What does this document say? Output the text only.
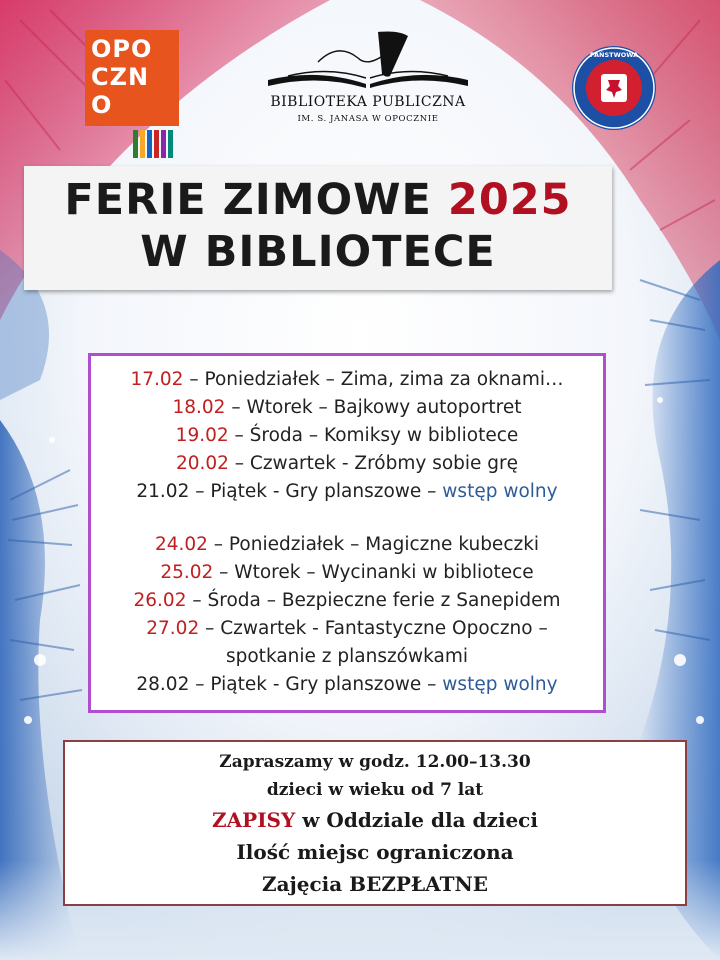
OPO
CZN
O	BIBLIOTEKA PUBLICZNA
IM. S. JANASA W OPOCZNIE
PAŃSTWOWA
FERIE ZIMOWE 2025
W BIBLIOTECE
17.02 – Poniedziałek – Zima, zima za oknami…
18.02 – Wtorek – Bajkowy autoportret
19.02 – Środa – Komiksy w bibliotece
20.02 – Czwartek - Zróbmy sobie grę
21.02 – Piątek - Gry planszowe – wstęp wolny
24.02 – Poniedziałek – Magiczne kubeczki
25.02 – Wtorek – Wycinanki w bibliotece
26.02 – Środa – Bezpieczne ferie z Sanepidem
27.02 – Czwartek - Fantastyczne Opoczno –
spotkanie z planszówkami
28.02 – Piątek - Gry planszowe – wstęp wolny
Zapraszamy w godz. 12.00–13.30
dzieci w wieku od 7 lat
ZAPISY w Oddziale dla dzieci
Ilość miejsc ograniczona
Zajęcia BEZPŁATNE
